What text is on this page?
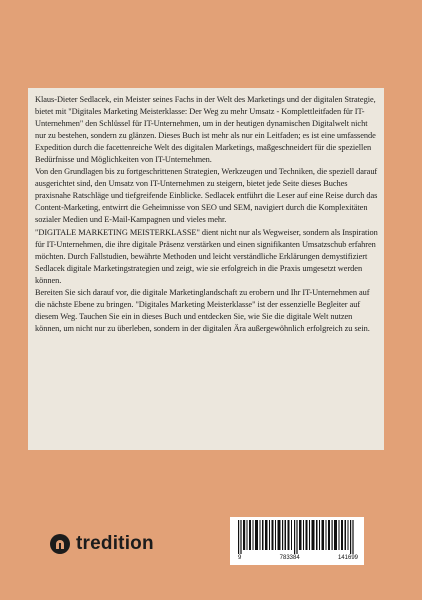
Klaus-Dieter Sedlacek, ein Meister seines Fachs in der Welt des Marketings und der digitalen Strategie, bietet mit "Digitales Marketing Meisterklasse: Der Weg zu mehr Umsatz - Komplettleitfaden für IT-Unternehmen" den Schlüssel für IT-Unternehmen, um in der heutigen dynamischen Digitalwelt nicht nur zu bestehen, sondern zu glänzen. Dieses Buch ist mehr als nur ein Leitfaden; es ist eine umfassende Expedition durch die facettenreiche Welt des digitalen Marketings, maßgeschneidert für die speziellen Bedürfnisse und Möglichkeiten von IT-Unternehmen.

Von den Grundlagen bis zu fortgeschrittenen Strategien, Werkzeugen und Techniken, die speziell darauf ausgerichtet sind, den Umsatz von IT-Unternehmen zu steigern, bietet jede Seite dieses Buches praxisnahe Ratschläge und tiefgreifende Einblicke. Sedlacek entführt die Leser auf eine Reise durch das Content-Marketing, entwirrt die Geheimnisse von SEO und SEM, navigiert durch die Komplexitäten sozialer Medien und E-Mail-Kampagnen und vieles mehr.

"DIGITALE MARKETING MEISTERKLASSE" dient nicht nur als Wegweiser, sondern als Inspiration für IT-Unternehmen, die ihre digitale Präsenz verstärken und einen signifikanten Umsatzschub erfahren möchten. Durch Fallstudien, bewährte Methoden und leicht verständliche Erklärungen demystifiziert Sedlacek digitale Marketingstrategien und zeigt, wie sie erfolgreich in die Praxis umgesetzt werden können.

Bereiten Sie sich darauf vor, die digitale Marketinglandschaft zu erobern und Ihr IT-Unternehmen auf die nächste Ebene zu bringen. "Digitales Marketing Meisterklasse" ist der essenzielle Begleiter auf diesem Weg. Tauchen Sie ein in dieses Buch und entdecken Sie, wie Sie die digitale Welt nutzen können, um nicht nur zu überleben, sondern in der digitalen Ära außergewöhnlich erfolgreich zu sein.

tredition
9	783384	141699
